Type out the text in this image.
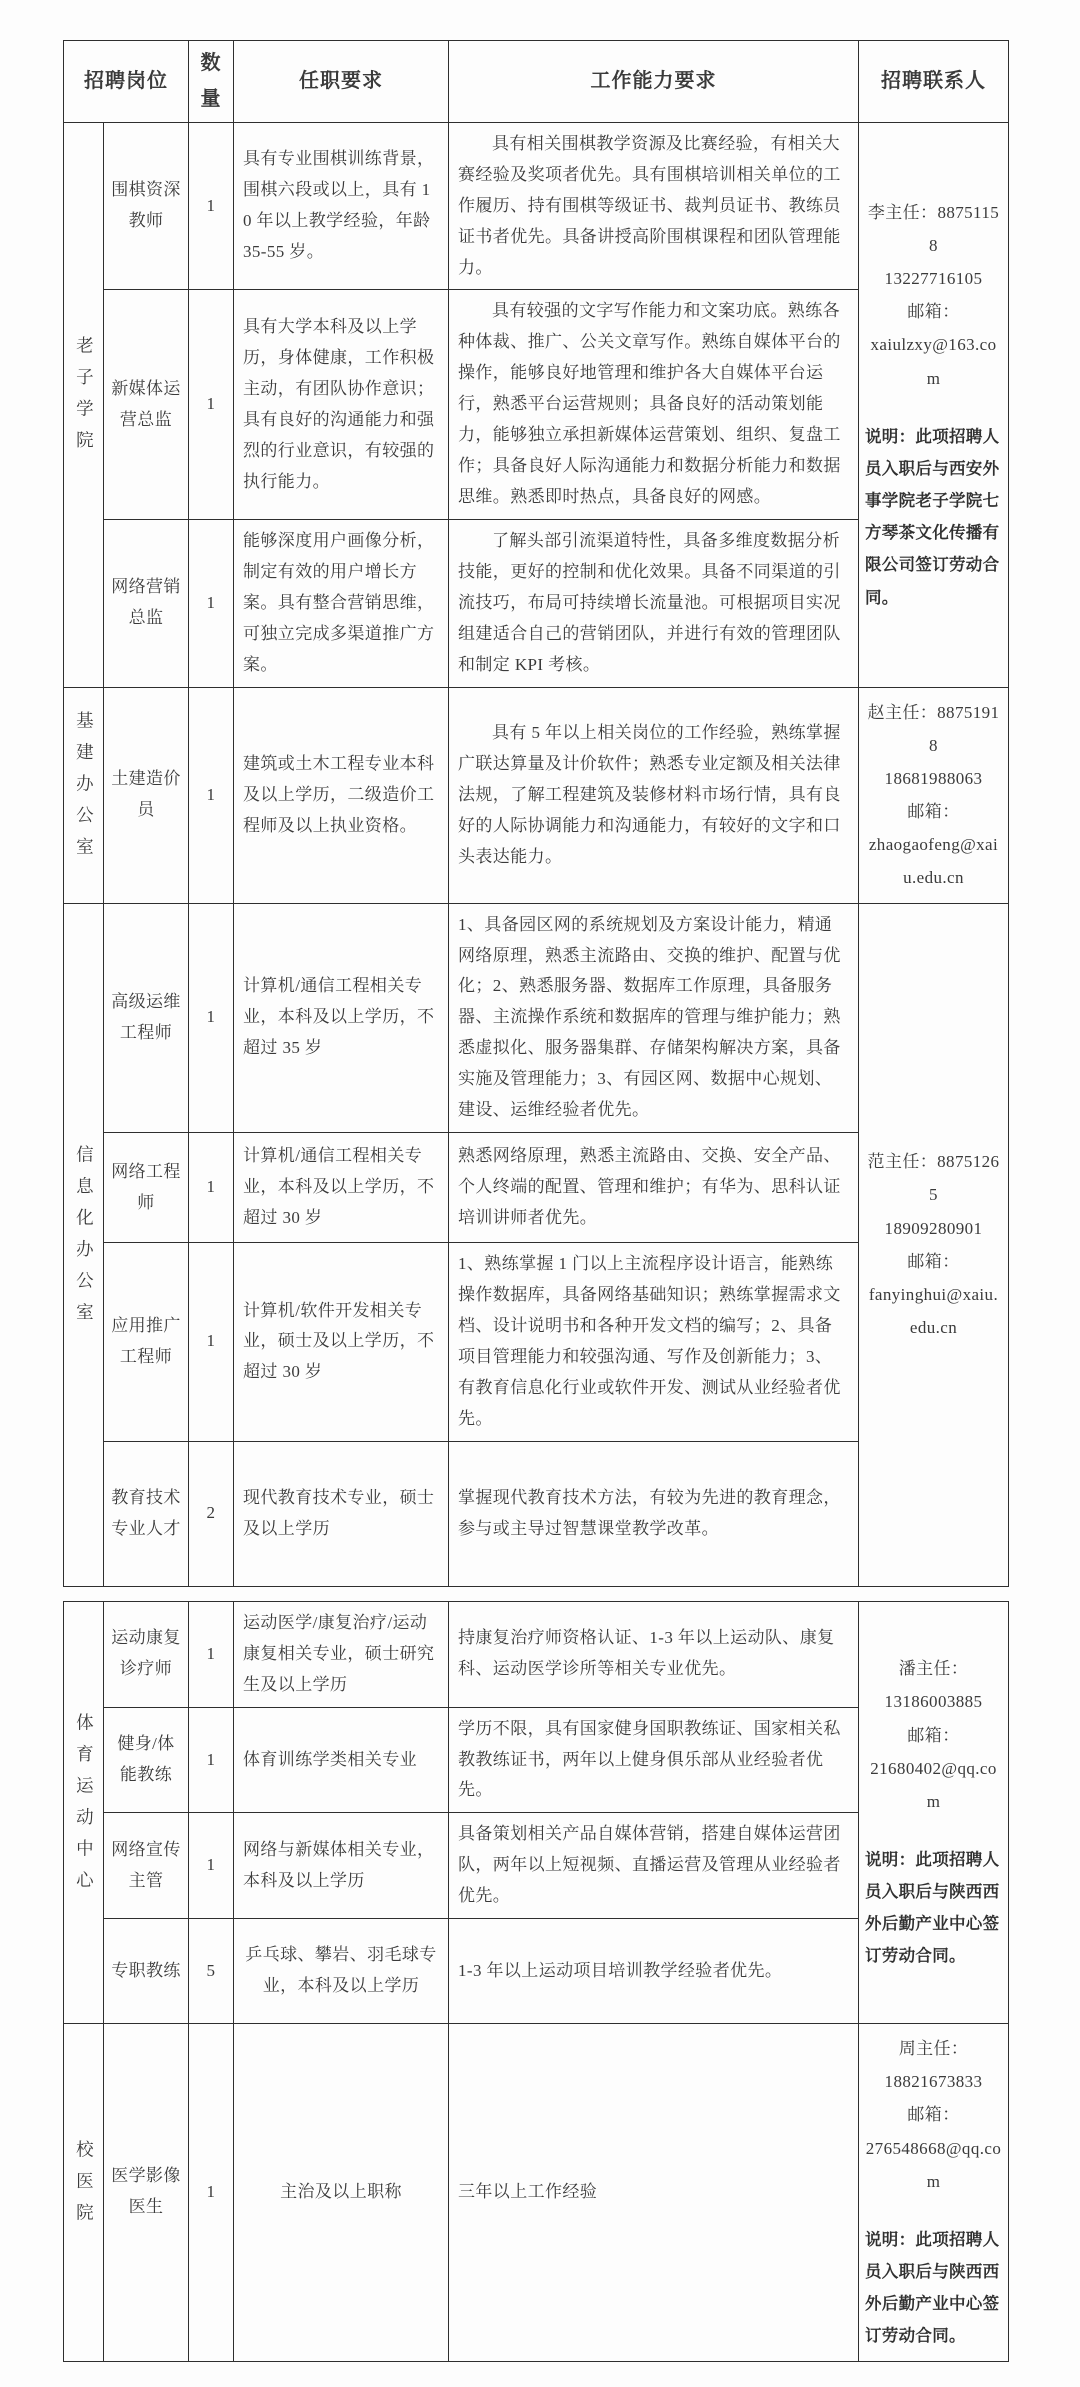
招聘岗位		数量	任职要求	工作能力要求	招聘联系人
老子学院	围棋资深教师	1	具有专业围棋训练背景，围棋六段或以上，具有 10 年以上教学经验，年龄 35-55 岁。	具有相关围棋教学资源及比赛经验，有相关大赛经验及奖项者优先。具有围棋培训相关单位的工作履历、持有围棋等级证书、裁判员证书、教练员证书者优先。具备讲授高阶围棋课程和团队管理能力。	李主任：88751158
13227716105
邮箱：
xaiulzxy@163.com
说明：此项招聘人员入职后与西安外事学院老子学院七方琴茶文化传播有限公司签订劳动合同。

	新媒体运营总监	1	具有大学本科及以上学历，身体健康，工作积极主动，有团队协作意识；具有良好的沟通能力和强烈的行业意识，有较强的执行能力。	具有较强的文字写作能力和文案功底。熟练各种体裁、推广、公关文章写作。熟练自媒体平台的操作，能够良好地管理和维护各大自媒体平台运行，熟悉平台运营规则；具备良好的活动策划能力，能够独立承担新媒体运营策划、组织、复盘工作；具备良好人际沟通能力和数据分析能力和数据思维。熟悉即时热点，具备良好的网感。	
	网络营销总监	1	能够深度用户画像分析，制定有效的用户增长方案。具有整合营销思维，可独立完成多渠道推广方案。	了解头部引流渠道特性，具备多维度数据分析技能，更好的控制和优化效果。具备不同渠道的引流技巧，布局可持续增长流量池。可根据项目实况组建适合自己的营销团队，并进行有效的管理团队和制定 KPI 考核。	
基建办公室	土建造价员	1	建筑或土木工程专业本科及以上学历，二级造价工程师及以上执业资格。	具有 5 年以上相关岗位的工作经验，熟练掌握广联达算量及计价软件；熟悉专业定额及相关法律法规，了解工程建筑及装修材料市场行情，具有良好的人际协调能力和沟通能力，有较好的文字和口头表达能力。	赵主任：88751918
18681988063
邮箱：
zhaogaofeng@xaiu.edu.cn

信息化办公室	高级运维工程师	1	计算机/通信工程相关专业，本科及以上学历，不超过 35 岁	1、具备园区网的系统规划及方案设计能力，精通网络原理，熟悉主流路由、交换的维护、配置与优化；2、熟悉服务器、数据库工作原理，具备服务器、主流操作系统和数据库的管理与维护能力；熟悉虚拟化、服务器集群、存储架构解决方案，具备实施及管理能力；3、有园区网、数据中心规划、建设、运维经验者优先。	范主任：88751265
18909280901
邮箱：
fanyinghui@xaiu.edu.cn

	网络工程师	1	计算机/通信工程相关专业，本科及以上学历，不超过 30 岁	熟悉网络原理，熟悉主流路由、交换、安全产品、个人终端的配置、管理和维护；有华为、思科认证培训讲师者优先。	
	应用推广工程师	1	计算机/软件开发相关专业，硕士及以上学历，不超过 30 岁	1、熟练掌握 1 门以上主流程序设计语言，能熟练操作数据库，具备网络基础知识；熟练掌握需求文档、设计说明书和各种开发文档的编写；2、具备项目管理能力和较强沟通、写作及创新能力；3、有教育信息化行业或软件开发、测试从业经验者优先。	
	教育技术专业人才	2	现代教育技术专业，硕士及以上学历	掌握现代教育技术方法，有较为先进的教育理念，参与或主导过智慧课堂教学改革。	
体育运动中心	运动康复诊疗师	1	运动医学/康复治疗/运动康复相关专业，硕士研究生及以上学历	持康复治疗师资格认证、1-3 年以上运动队、康复科、运动医学诊所等相关专业优先。	潘主任：
13186003885
邮箱：
21680402@qq.com
说明：此项招聘人员入职后与陕西西外后勤产业中心签订劳动合同。

	健身/体能教练	1	体育训练学类相关专业	学历不限，具有国家健身国职教练证、国家相关私教教练证书，两年以上健身俱乐部从业经验者优先。	
	网络宣传主管	1	网络与新媒体相关专业，本科及以上学历	具备策划相关产品自媒体营销，搭建自媒体运营团队，两年以上短视频、直播运营及管理从业经验者优先。	
	专职教练	5	乒乓球、攀岩、羽毛球专业，本科及以上学历	1-3 年以上运动项目培训教学经验者优先。	
校医院	医学影像医生	1	主治及以上职称	三年以上工作经验	周主任：
18821673833
邮箱：
276548668@qq.com
说明：此项招聘人员入职后与陕西西外后勤产业中心签订劳动合同。
